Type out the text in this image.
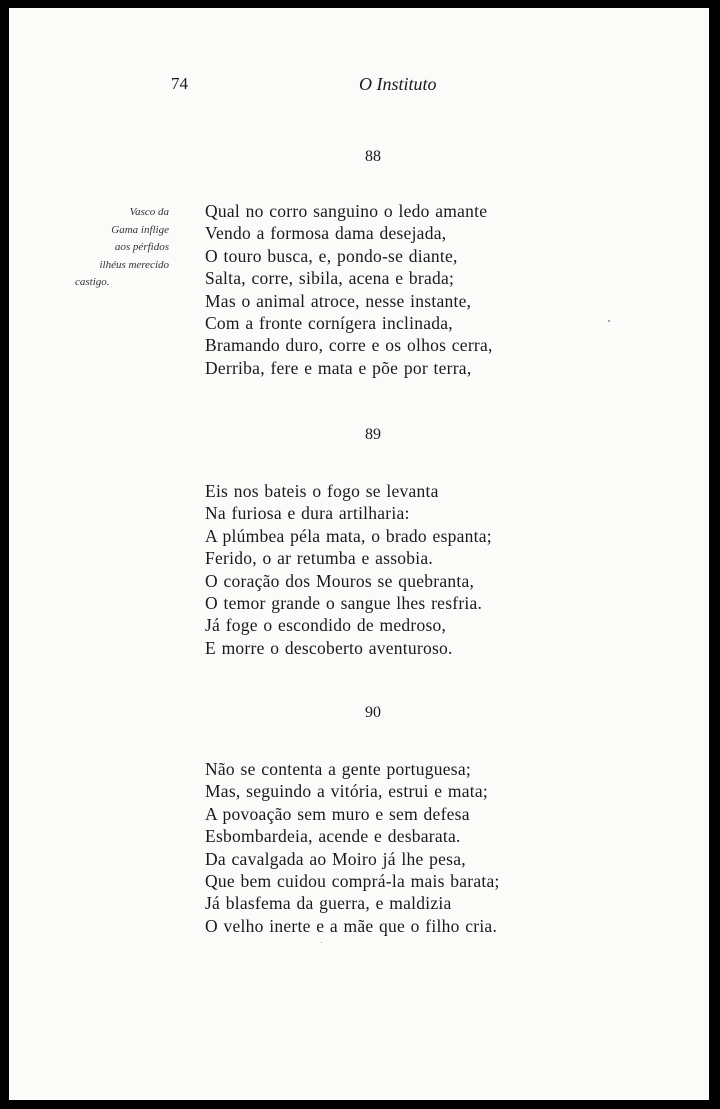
74	O Instituto
Vasco da
Gama inflige
aos pérfidos
ilhéus merecido
castigo.
88
Qual no corro sanguino o ledo amante
Vendo a formosa dama desejada,
O touro busca, e, pondo-se diante,
Salta, corre, sibila, acena e brada;
Mas o animal atroce, nesse instante,
Com a fronte cornígera inclinada,
Bramando duro, corre e os olhos cerra,
Derriba, fere e mata e põe por terra,
89
Eis nos bateis o fogo se levanta
Na furiosa e dura artilharia:
A plúmbea péla mata, o brado espanta;
Ferido, o ar retumba e assobia.
O coração dos Mouros se quebranta,
O temor grande o sangue lhes resfria.
Já foge o escondido de medroso,
E morre o descoberto aventuroso.
90
Não se contenta a gente portuguesa;
Mas, seguindo a vitória, estrui e mata;
A povoação sem muro e sem defesa
Esbombardeia, acende e desbarata.
Da cavalgada ao Moiro já lhe pesa,
Que bem cuidou comprá-la mais barata;
Já blasfema da guerra, e maldizia
O velho inerte e a mãe que o filho cria.
